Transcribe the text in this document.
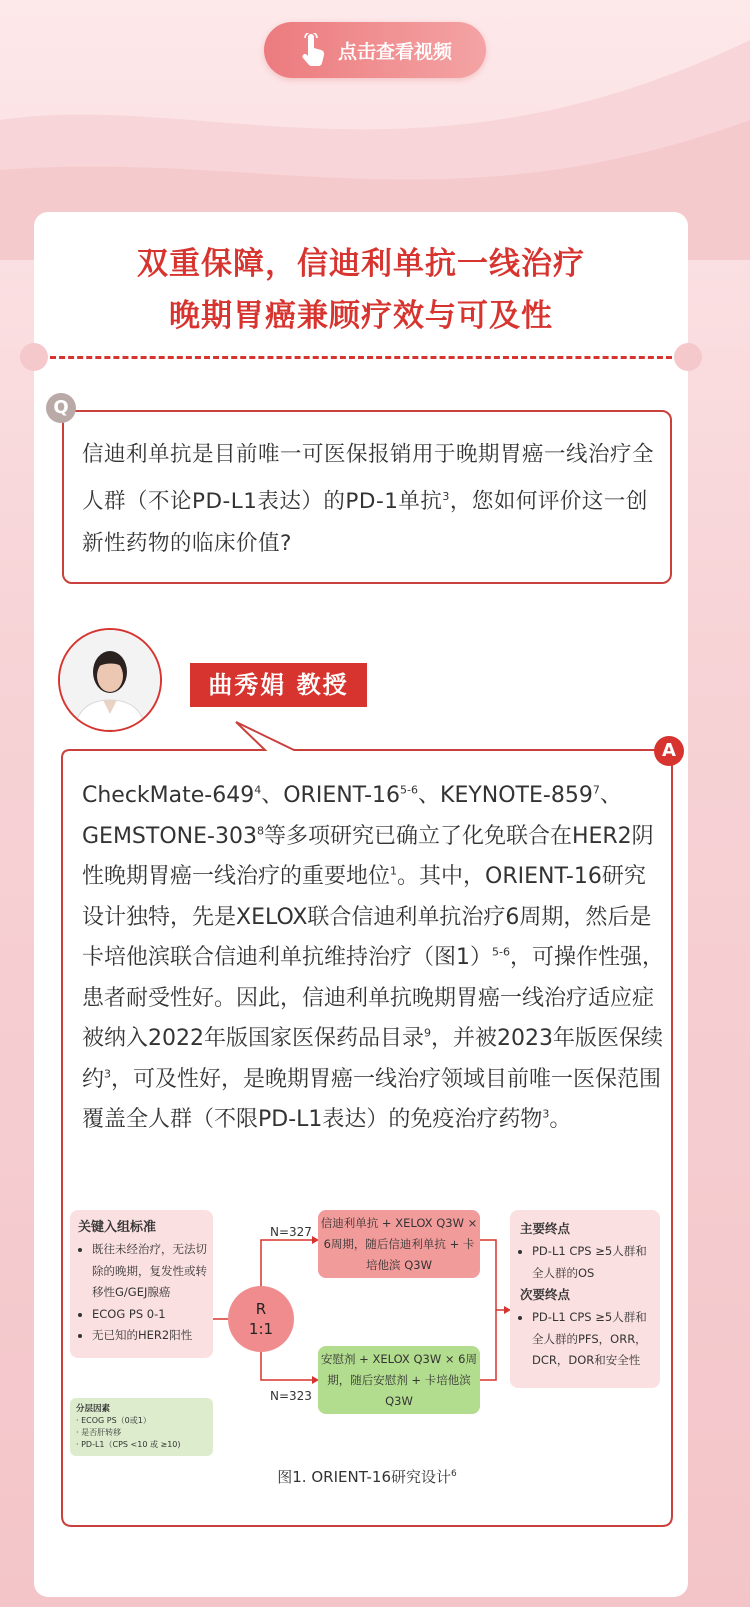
点击查看视频
双重保障，信迪利单抗一线治疗
晚期胃癌兼顾疗效与可及性
Q
信迪利单抗是目前唯一可医保报销用于晚期胃癌一线治疗全人群（不论PD-L1表达）的PD-1单抗$^3$，您如何评价这一创新性药物的临床价值?
曲秀娟 教授
A
CheckMate-$649^4$、ORIENT-16$^{5-6}$、KEYNOTE-$859^7$、GEMSTONE-$303^8$等多项研究已确立了化免联合在HER2阴性晚期胃癌一线治疗的重要地位$^1$。其中，ORIENT-16研究设计独特，先是XELOX联合信迪利单抗治疗6周期，然后是卡培他滨联合信迪利单抗维持治疗（图1）$^{5-6}$，可操作性强，患者耐受性好。因此，信迪利单抗晚期胃癌一线治疗适应症被纳入2022年版国家医保药品目录$^9$，并被2023年版医保续约$^3$，可及性好，是晚期胃癌一线治疗领域目前唯一医保范围覆盖全人群（不限PD-L1表达）的免疫治疗药物$^3$。
关键入组标准
• 既往未经治疗，无法切除的晚期，复发性或转移性G/GEJ腺癌
• ECOG PS 0-1
• 无已知的HER2阳性
分层因素
· ECOG PS（0或1）
· 是否肝转移
· PD-L1（CPS <10 或 ≥10)
N=327
N=323
R
1:1
信迪利单抗 + XELOX Q3W × 6周期，随后信迪利单抗 + 卡培他滨 Q3W
安慰剂 + XELOX Q3W × 6周期，随后安慰剂 + 卡培他滨 Q3W
主要终点
• PD-L1 CPS ≥5人群和全人群的OS
次要终点
• PD-L1 CPS ≥5人群和全人群的PFS，ORR，DCR，DOR和安全性
图1. ORIENT-16研究设计$^6$
